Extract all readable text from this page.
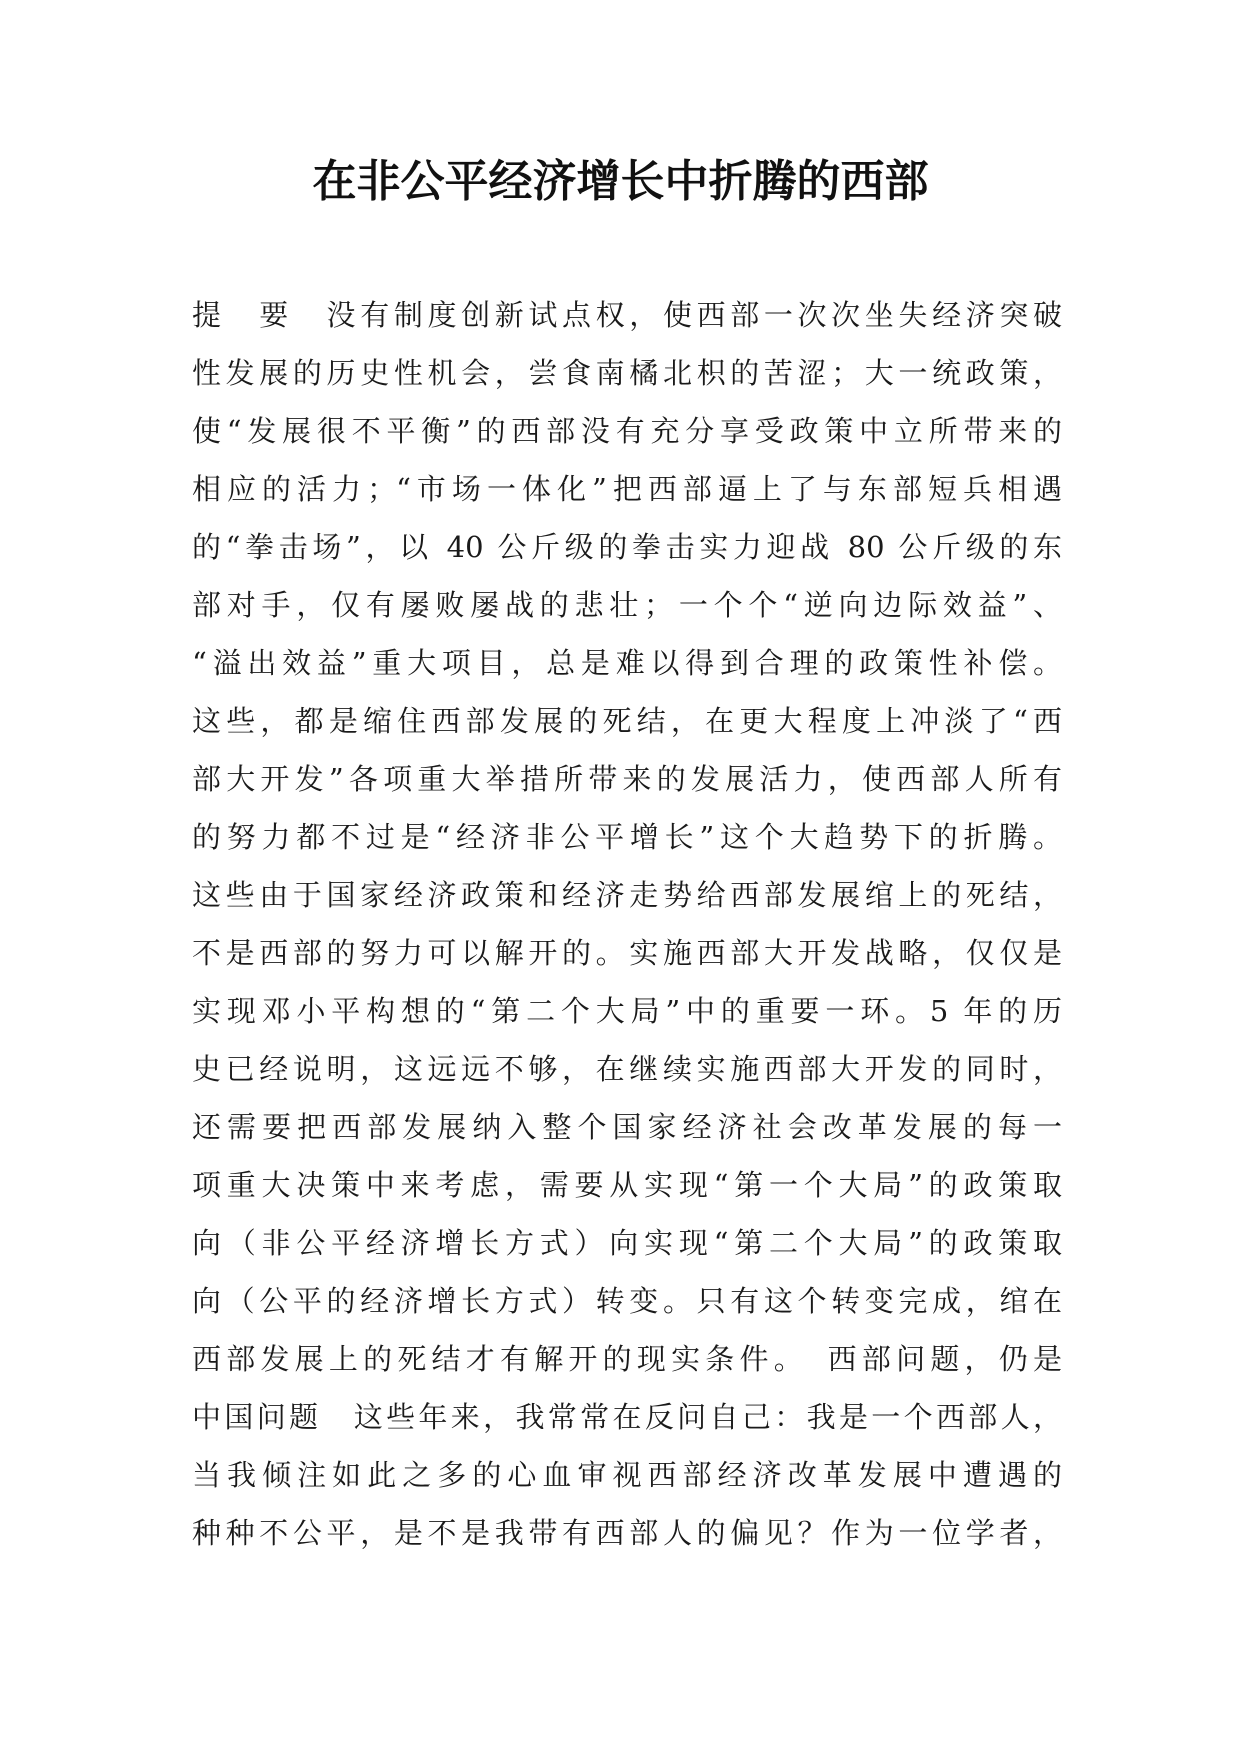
在非公平经济增长中折腾的西部
提　要　没有制度创新试点权，使西部一次次坐失经济突破
性发展的历史性机会，尝食南橘北枳的苦涩；大一统政策，
使“发展很不平衡”的西部没有充分享受政策中立所带来的
相应的活力；“市场一体化”把西部逼上了与东部短兵相遇
的“拳击场”，以 40 公斤级的拳击实力迎战 80 公斤级的东
部对手，仅有屡败屡战的悲壮；一个个“逆向边际效益”、
“溢出效益”重大项目，总是难以得到合理的政策性补偿。
这些，都是缩住西部发展的死结，在更大程度上冲淡了“西
部大开发”各项重大举措所带来的发展活力，使西部人所有
的努力都不过是“经济非公平增长”这个大趋势下的折腾。
这些由于国家经济政策和经济走势给西部发展绾上的死结，
不是西部的努力可以解开的。实施西部大开发战略，仅仅是
实现邓小平构想的“第二个大局”中的重要一环。5 年的历
史已经说明，这远远不够，在继续实施西部大开发的同时，
还需要把西部发展纳入整个国家经济社会改革发展的每一
项重大决策中来考虑，需要从实现“第一个大局”的政策取
向（非公平经济增长方式）向实现“第二个大局”的政策取
向（公平的经济增长方式）转变。只有这个转变完成，绾在
西部发展上的死结才有解开的现实条件。　西部问题，仍是
中国问题　这些年来，我常常在反问自己：我是一个西部人，
当我倾注如此之多的心血审视西部经济改革发展中遭遇的
种种不公平，是不是我带有西部人的偏见？作为一位学者，
